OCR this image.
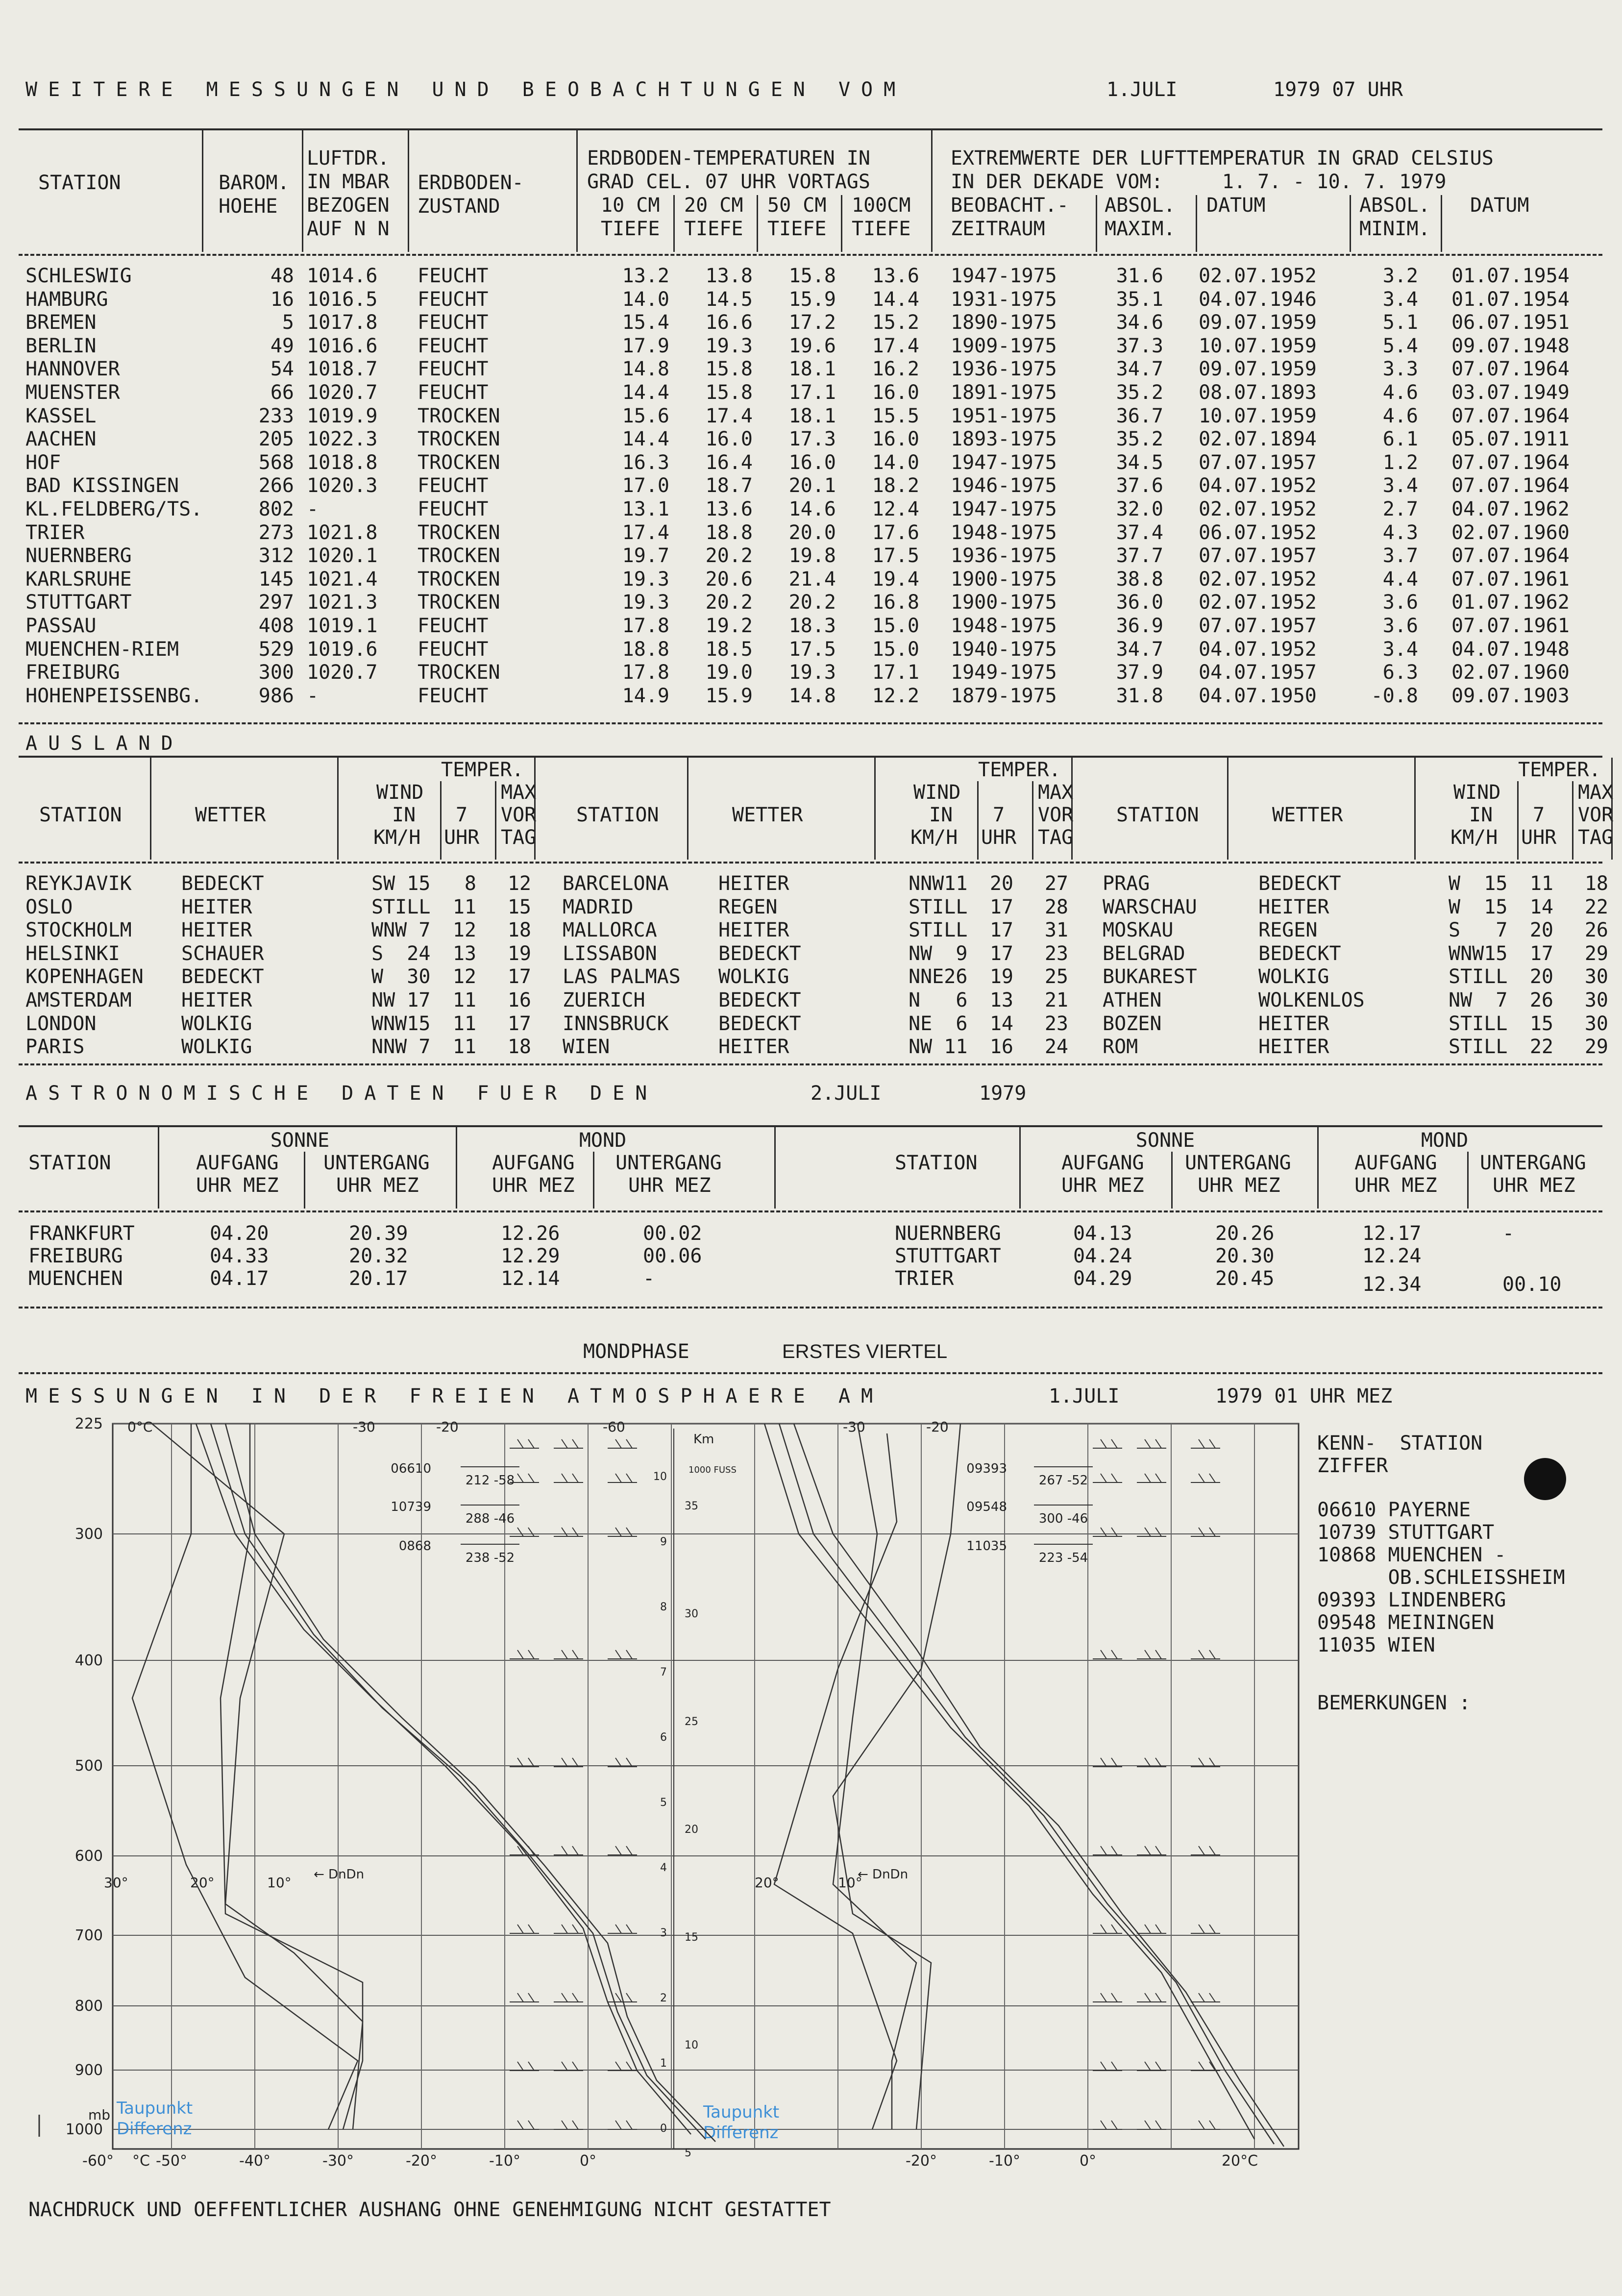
WEITERE MESSUNGEN UND BEOBACHTUNGEN VOM	1.JULI	1979 07 UHR
STATION	BAROM.
HOEHE
LUFTDR.
IN MBAR
BEZOGEN
AUF N N
ERDBODEN-
ZUSTAND
ERDBODEN-TEMPERATUREN IN
GRAD CEL. 07 UHR VORTAGS
10 CM
TIEFE
20 CM
TIEFE
50 CM
TIEFE
100CM
TIEFE
EXTREMWERTE DER LUFTTEMPERATUR IN GRAD CELSIUS
IN DER DEKADE VOM:     1. 7. - 10. 7. 1979
BEOBACHT.-
ZEITRAUM
ABSOL.
MAXIM.
DATUM	ABSOL.
MINIM.
DATUM
SCHLESWIG	48 1014.6 FEUCHT	13.2 13.8 15.8 13.6 1947-1975	31.6 02.07.1952	3.2 01.07.1954
HAMBURG	16 1016.5 FEUCHT	14.0 14.5 15.9 14.4 1931-1975	35.1 04.07.1946	3.4 01.07.1954
BREMEN	5 1017.8 FEUCHT	15.4 16.6 17.2 15.2 1890-1975	34.6 09.07.1959	5.1 06.07.1951
BERLIN	49 1016.6 FEUCHT	17.9 19.3 19.6 17.4 1909-1975	37.3 10.07.1959	5.4 09.07.1948
HANNOVER	54 1018.7 FEUCHT	14.8 15.8 18.1 16.2 1936-1975	34.7 09.07.1959	3.3 07.07.1964
MUENSTER	66 1020.7 FEUCHT	14.4 15.8 17.1 16.0 1891-1975	35.2 08.07.1893	4.6 03.07.1949
KASSEL	233 1019.9 TROCKEN	15.6 17.4 18.1 15.5 1951-1975	36.7 10.07.1959	4.6 07.07.1964
AACHEN	205 1022.3 TROCKEN	14.4 16.0 17.3 16.0 1893-1975	35.2 02.07.1894	6.1 05.07.1911
HOF	568 1018.8 TROCKEN	16.3 16.4 16.0 14.0 1947-1975	34.5 07.07.1957	1.2 07.07.1964
BAD KISSINGEN	266 1020.3 FEUCHT	17.0 18.7 20.1 18.2 1946-1975	37.6 04.07.1952	3.4 07.07.1964
KL.FELDBERG/TS.	802 -	FEUCHT	13.1 13.6 14.6 12.4 1947-1975	32.0 02.07.1952	2.7 04.07.1962
TRIER	273 1021.8 TROCKEN	17.4 18.8 20.0 17.6 1948-1975	37.4 06.07.1952	4.3 02.07.1960
NUERNBERG	312 1020.1 TROCKEN	19.7 20.2 19.8 17.5 1936-1975	37.7 07.07.1957	3.7 07.07.1964
KARLSRUHE	145 1021.4 TROCKEN	19.3 20.6 21.4 19.4 1900-1975	38.8 02.07.1952	4.4 07.07.1961
STUTTGART	297 1021.3 TROCKEN	19.3 20.2 20.2 16.8 1900-1975	36.0 02.07.1952	3.6 01.07.1962
PASSAU	408 1019.1 FEUCHT	17.8 19.2 18.3 15.0 1948-1975	36.9 07.07.1957	3.6 07.07.1961
MUENCHEN-RIEM	529 1019.6 FEUCHT	18.8 18.5 17.5 15.0 1940-1975	34.7 04.07.1952	3.4 04.07.1948
FREIBURG	300 1020.7 TROCKEN	17.8 19.0 19.3 17.1 1949-1975	37.9 04.07.1957	6.3 02.07.1960
HOHENPEISSENBG.	986 -	FEUCHT	14.9 15.9 14.8 12.2 1879-1975	31.8 04.07.1950	-0.8 09.07.1903
AUSLAND
STATION	WETTER
WIND
IN
KM/H
TEMPER.
7
UHR
MAX
VOR
TAG
STATION	WETTER
WIND
IN
KM/H
TEMPER.
7
UHR
MAX
VOR
TAG
STATION	WETTER
WIND
IN
KM/H
TEMPER.
7
UHR
MAX
VOR
TAG
REYKJAVIK	BEDECKT	SW 15 8 12
OSLO	HEITER	STILL 11 15
STOCKHOLM	HEITER	WNW 7 12 18
HELSINKI	SCHAUER	S  24 13 19
KOPENHAGEN BEDECKT	W  30 12 17
AMSTERDAM	HEITER	NW 17 11 16
LONDON	WOLKIG	WNW15 11 17
PARIS	WOLKIG	NNW 7 11 18
BARCELONA	HEITER	NNW11 20 27
MADRID	REGEN	STILL 17 28
MALLORCA	HEITER	STILL 17 31
LISSABON	BEDECKT	NW  9 17 23
LAS PALMAS WOLKIG	NNE26 19 25
ZUERICH	BEDECKT	N   6 13 21
INNSBRUCK	BEDECKT	NE  6 14 23
WIEN	HEITER	NW 11 16 24
PRAG	BEDECKT	W  15 11 18
WARSCHAU	HEITER	W  15 14 22
MOSKAU	REGEN	S   7 20 26
BELGRAD	BEDECKT	WNW15 17 29
BUKAREST	WOLKIG	STILL 20 30
ATHEN	WOLKENLOS	NW  7 26 30
BOZEN	HEITER	STILL 15 30
ROM	HEITER	STILL 22 29
ASTRONOMISCHE DATEN FUER DEN	2.JULI	1979
STATION
SONNE	MOND
AUFGANG
UHR MEZ
UNTERGANG
UHR MEZ
AUFGANG
UHR MEZ
UNTERGANG
UHR MEZ
STATION
SONNE	MOND
AUFGANG
UHR MEZ
UNTERGANG
UHR MEZ
AUFGANG
UHR MEZ
UNTERGANG
UHR MEZ
FRANKFURT	04.20	20.39	12.26	00.02
FREIBURG	04.33	20.32	12.29	00.06
MUENCHEN	04.17	20.17	12.14	-
NUERNBERG	04.13	20.26	12.17	-
STUTTGART	04.24	20.30	12.24
TRIER	04.29	20.45	12.34	00.10
MONDPHASE	ERSTES VIERTEL
MESSUNGEN IN DER FREIEN ATMOSPHAERE AM	1.JULI	1979 01 UHR MEZ
KENN-  STATION
ZIFFER
06610 PAYERNE
10739 STUTTGART
10868 MUENCHEN -
OB.SCHLEISSHEIM
09393 LINDENBERG
09548 MEININGEN
11035 WIEN
BEMERKUNGEN :
225
300
400
500
600
700
800
900
1000
-60°	-50°	-40°	-30°	-20°	-10°	0°	-20°	-10°	0°	20°C
°C
0°C	-30	-20	-60	-30	-20
Km
10
9
8
7
6
5
4
3
2
1
0
35
30
25
20
15
10
5
1000 FUSS
06610
10739
0868
212 -58
288 -46
238 -52
09393
09548
11035
267 -52
300 -46
223 -54
30°	20°	10° ← DnDn	20°	10°
← DnDn
mb Taupunkt
Differenz
Taupunkt
Differenz
NACHDRUCK UND OEFFENTLICHER AUSHANG OHNE GENEHMIGUNG NICHT GESTATTET
